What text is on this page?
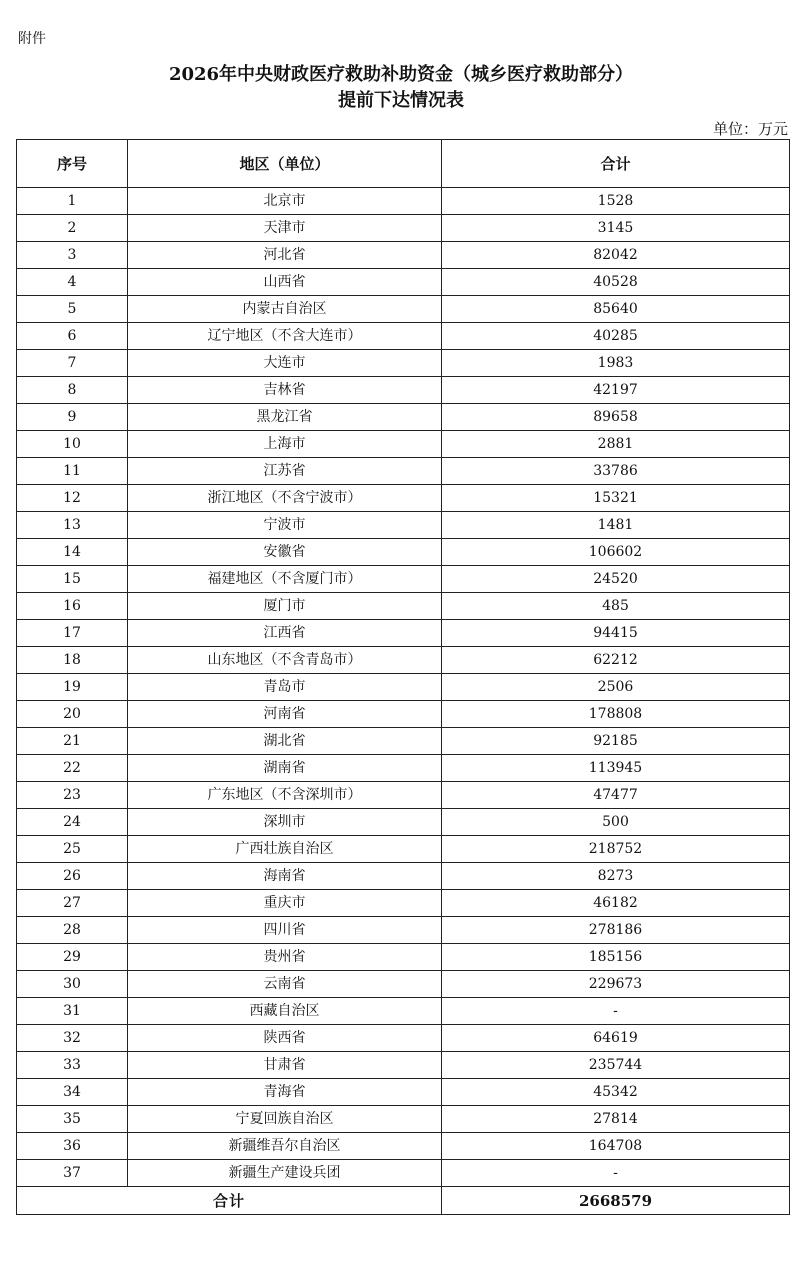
附件
2026年中央财政医疗救助补助资金（城乡医疗救助部分）
提前下达情况表
单位：万元
序号	地区（单位）	合计
1	北京市	1528
2	天津市	3145
3	河北省	82042
4	山西省	40528
5	内蒙古自治区	85640
6	辽宁地区（不含大连市）	40285
7	大连市	1983
8	吉林省	42197
9	黑龙江省	89658
10	上海市	2881
11	江苏省	33786
12	浙江地区（不含宁波市）	15321
13	宁波市	1481
14	安徽省	106602
15	福建地区（不含厦门市）	24520
16	厦门市	485
17	江西省	94415
18	山东地区（不含青岛市）	62212
19	青岛市	2506
20	河南省	178808
21	湖北省	92185
22	湖南省	113945
23	广东地区（不含深圳市）	47477
24	深圳市	500
25	广西壮族自治区	218752
26	海南省	8273
27	重庆市	46182
28	四川省	278186
29	贵州省	185156
30	云南省	229673
31	西藏自治区	-
32	陕西省	64619
33	甘肃省	235744
34	青海省	45342
35	宁夏回族自治区	27814
36	新疆维吾尔自治区	164708
37	新疆生产建设兵团	-
合计		2668579
